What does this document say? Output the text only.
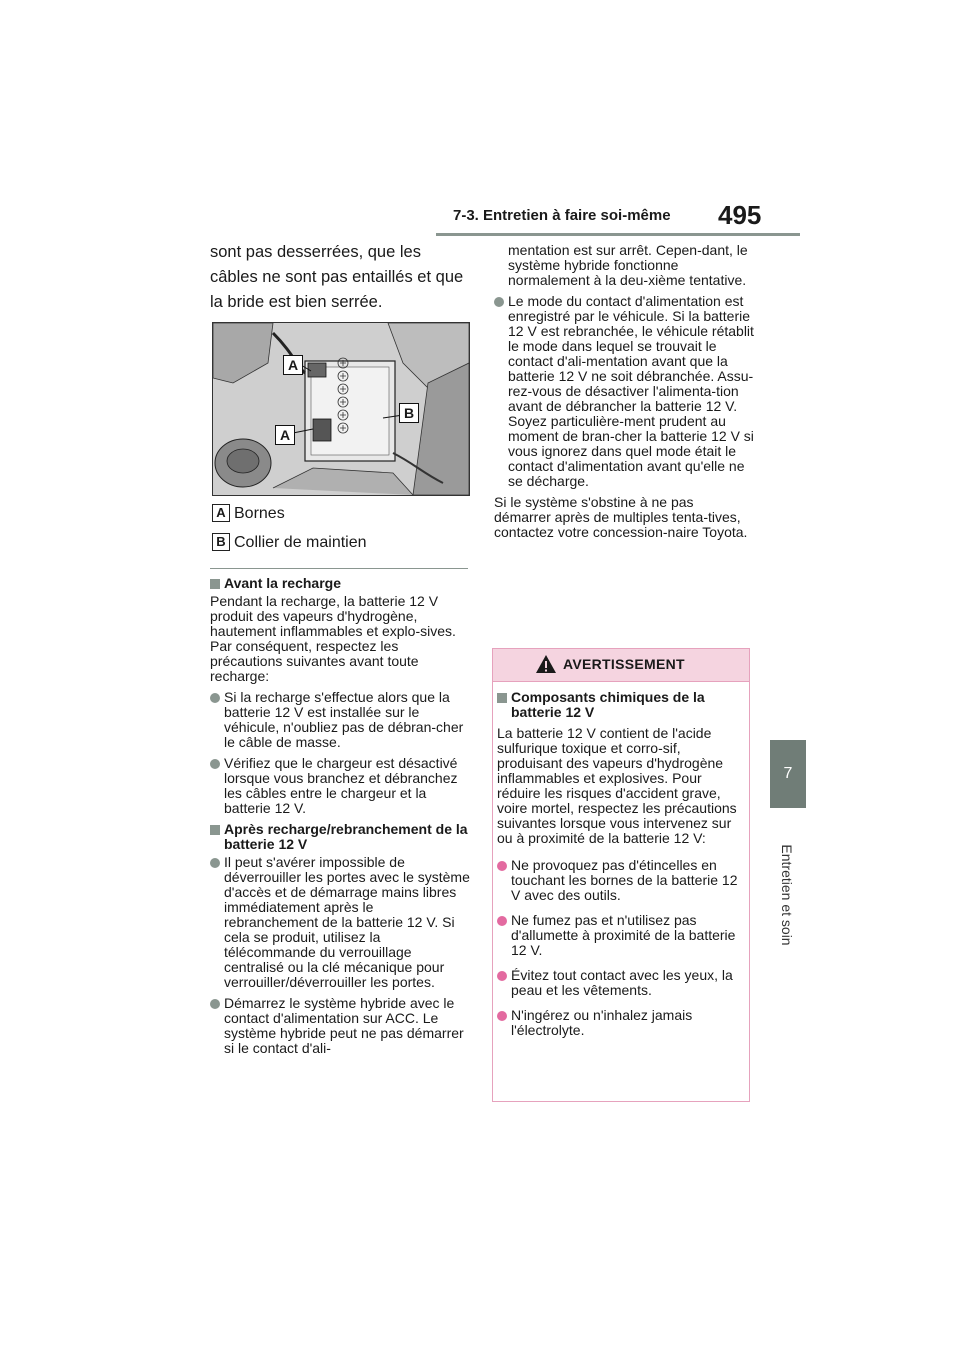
7-3. Entretien à faire soi-même 495
7
Entretien et soin

sont pas desserrées, que les câbles ne sont pas entaillés et que la bride est bien serrée.

A
B
A
A Bornes
B Collier de maintien
Avant la recharge

Pendant la recharge, la batterie 12 V produit des vapeurs d'hydrogène, hautement inflammables et explo-sives. Par conséquent, respectez les précautions suivantes avant toute recharge:

Si la recharge s'effectue alors que la batterie 12 V est installée sur le véhicule, n'oubliez pas de débran-cher le câble de masse.
Vérifiez que le chargeur est désactivé lorsque vous branchez et débranchez les câbles entre le chargeur et la batterie 12 V.
Après recharge/rebranchement de la batterie 12 V
Il peut s'avérer impossible de déverrouiller les portes avec le système d'accès et de démarrage mains libres immédiatement après le rebranchement de la batterie 12 V. Si cela se produit, utilisez la télécommande du verrouillage centralisé ou la clé mécanique pour verrouiller/déverrouiller les portes.
Démarrez le système hybride avec le contact d'alimentation sur ACC. Le système hybride peut ne pas démarrer si le contact d'ali-

mentation est sur arrêt. Cepen-dant, le système hybride fonctionne normalement à la deu-xième tentative.

Le mode du contact d'alimentation est enregistré par le véhicule. Si la batterie 12 V est rebranchée, le véhicule rétablit le mode dans lequel se trouvait le contact d'ali-mentation avant que la batterie 12 V ne soit débranchée. Assu-rez-vous de désactiver l'alimenta-tion avant de débrancher la batterie 12 V. Soyez particulière-ment prudent au moment de bran-cher la batterie 12 V si vous ignorez dans quel mode était le contact d'alimentation avant qu'elle ne se décharge.

Si le système s'obstine à ne pas démarrer après de multiples tenta-tives, contactez votre concession-naire Toyota.

AVERTISSEMENT
Composants chimiques de la batterie 12 V

La batterie 12 V contient de l'acide sulfurique toxique et corro-sif, produisant des vapeurs d'hydrogène inflammables et explosives. Pour réduire les risques d'accident grave, voire mortel, respectez les précautions suivantes lorsque vous intervenez sur ou à proximité de la batterie 12 V:

Ne provoquez pas d'étincelles en touchant les bornes de la batterie 12 V avec des outils.
Ne fumez pas et n'utilisez pas d'allumette à proximité de la batterie 12 V.
Évitez tout contact avec les yeux, la peau et les vêtements.
N'ingérez ou n'inhalez jamais l'électrolyte.
